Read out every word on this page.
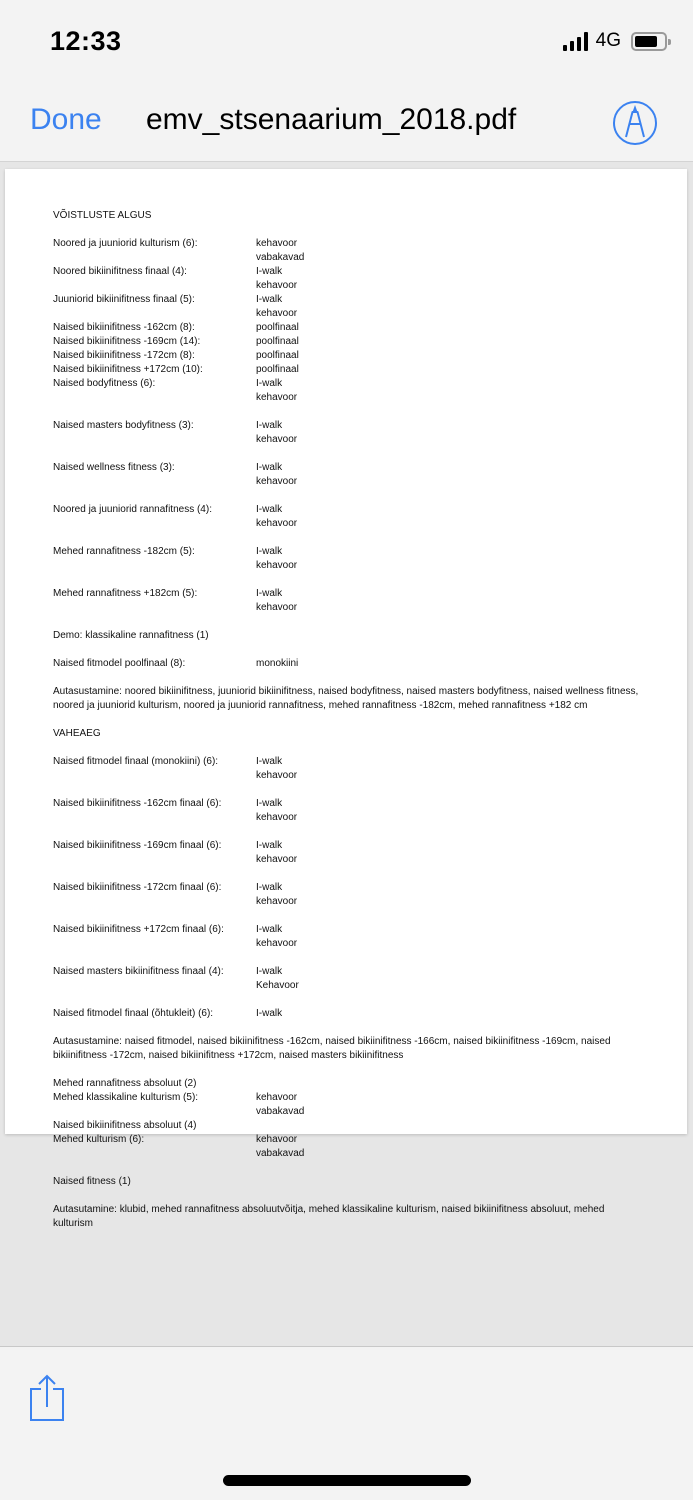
12:33	4G
Done emv_stsenaarium_2018.pdf
VÕISTLUSTE ALGUS
Noored ja juuniorid kulturism (6):	kehavoor
vabakavad
Noored bikiinifitness finaal (4):	I-walk
kehavoor
Juuniorid bikiinifitness finaal (5):	I-walk
kehavoor
Naised bikiinifitness -162cm (8):	poolfinaal
Naised bikiinifitness -169cm (14):	poolfinaal
Naised bikiinifitness -172cm (8):	poolfinaal
Naised bikiinifitness +172cm (10):	poolfinaal
Naised bodyfitness (6):	I-walk
kehavoor
Naised masters bodyfitness (3):	I-walk
kehavoor
Naised wellness fitness (3):	I-walk
kehavoor
Noored ja juuniorid rannafitness (4):	I-walk
kehavoor
Mehed rannafitness -182cm (5):	I-walk
kehavoor
Mehed rannafitness +182cm (5):	I-walk
kehavoor
Demo: klassikaline rannafitness (1)
Naised fitmodel poolfinaal (8):	monokiini
Autasustamine: noored bikiinifitness, juuniorid bikiinifitness, naised bodyfitness, naised masters bodyfitness, naised wellness fitness, noored ja juuniorid kulturism, noored ja juuniorid rannafitness, mehed rannafitness -182cm, mehed rannafitness +182 cm
VAHEAEG
Naised fitmodel finaal (monokiini) (6):	I-walk
kehavoor
Naised bikiinifitness -162cm finaal (6):	I-walk
kehavoor
Naised bikiinifitness -169cm finaal (6):	I-walk
kehavoor
Naised bikiinifitness -172cm finaal (6):	I-walk
kehavoor
Naised bikiinifitness +172cm finaal (6):	I-walk
kehavoor
Naised masters bikiinifitness finaal (4):	I-walk
Kehavoor
Naised fitmodel finaal (õhtukleit) (6):	I-walk
Autasustamine: naised fitmodel, naised bikiinifitness -162cm, naised bikiinifitness -166cm, naised bikiinifitness -169cm, naised bikiinifitness -172cm, naised bikiinifitness +172cm, naised masters bikiinifitness
Mehed rannafitness absoluut (2)
Mehed klassikaline kulturism (5):	kehavoor
vabakavad
Naised bikiinifitness absoluut (4)
Mehed kulturism (6):	kehavoor
vabakavad
Naised fitness (1)
Autasutamine: klubid, mehed rannafitness absoluutvõitja, mehed klassikaline kulturism, naised bikiinifitness absoluut, mehed kulturism
